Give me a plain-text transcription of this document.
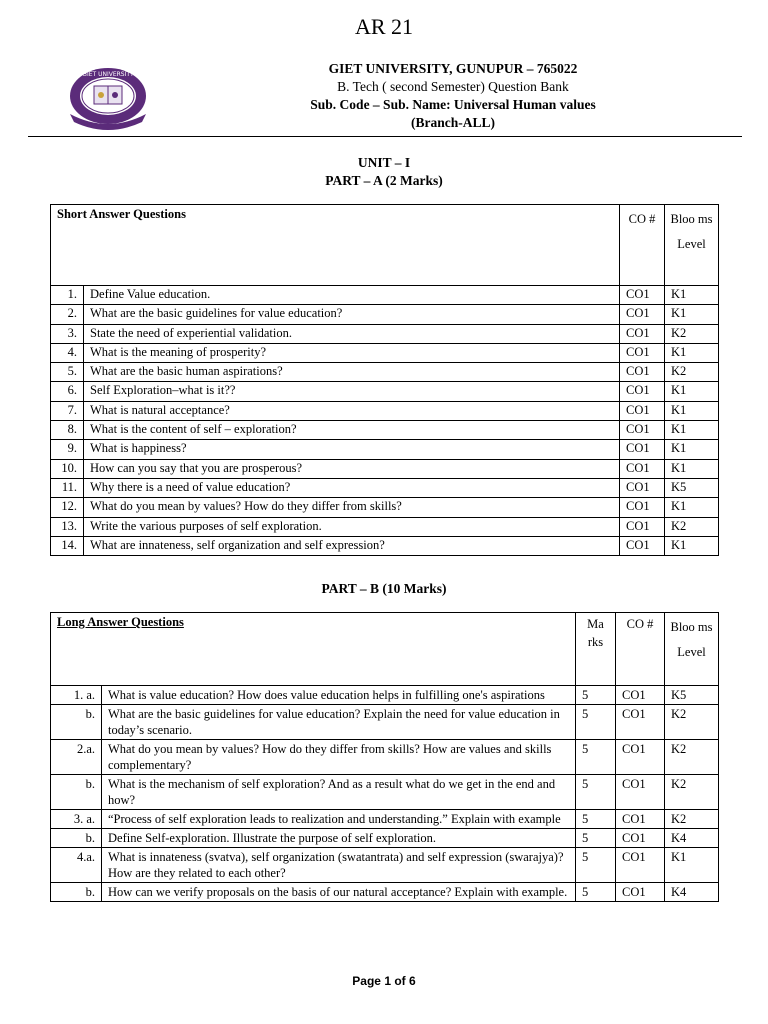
AR 21
GIET UNIVERSITY	GIET UNIVERSITY, GUNUPUR – 765022
B. Tech ( second Semester) Question Bank
Sub. Code – Sub. Name: Universal Human values
(Branch-ALL)
UNIT – I
PART – A (2 Marks)
Short Answer Questions		CO #	Bloo ms Level
1.	Define Value education.	CO1	K1
2.	What are the basic guidelines for value education?	CO1	K1
3.	State the need of experiential validation.	CO1	K2
4.	What is the meaning of prosperity?	CO1	K1
5.	What are the basic human aspirations?	CO1	K2
6.	Self Exploration–what is it??	CO1	K1
7.	What is natural acceptance?	CO1	K1
8.	What is the content of self – exploration?	CO1	K1
9.	What is happiness?	CO1	K1
10.	How can you say that you are prosperous?	CO1	K1
11.	Why there is a need of value education?	CO1	K5
12.	What do you mean by values? How do they differ from skills?	CO1	K1
13.	Write the various purposes of self exploration.	CO1	K2
14.	What are innateness, self organization and self expression?	CO1	K1
PART – B (10 Marks)
Long Answer Questions		Ma rks	CO #	Bloo ms Level
1. a.	What is value education? How does value education helps in fulfilling one's aspirations	5	CO1	K5
b.	What are the basic guidelines for value education? Explain the need for value education in today’s scenario.	5	CO1	K2
2.a.	What do you mean by values? How do they differ from skills? How are values and skills complementary?	5	CO1	K2
b.	What is the mechanism of self exploration? And as a result what do we get in the end and how?	5	CO1	K2
3. a.	“Process of self exploration leads to realization and understanding.” Explain with example	5	CO1	K2
b.	Define Self-exploration. Illustrate the purpose of self exploration.	5	CO1	K4
4.a.	What is innateness (svatva), self organization (swatantrata) and self expression (swarajya)? How are they related to each other?	5	CO1	K1
b.	How can we verify proposals on the basis of our natural acceptance? Explain with example.	5	CO1	K4
Page 1 of 6
